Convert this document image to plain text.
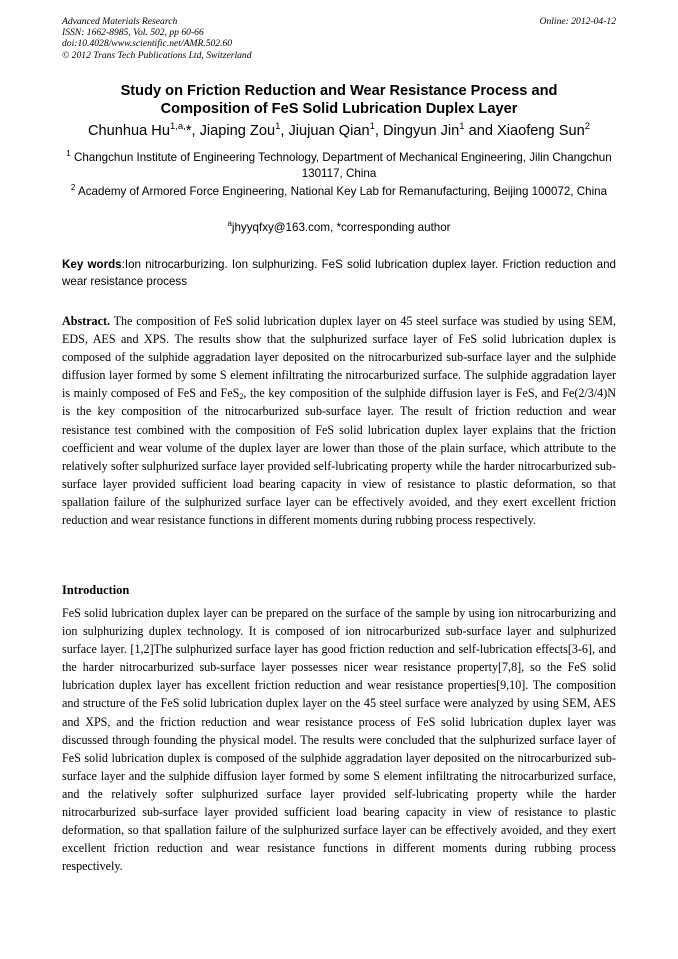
Advanced Materials Research
ISSN: 1662-8985, Vol. 502, pp 60-66
doi:10.4028/www.scientific.net/AMR.502.60
© 2012 Trans Tech Publications Ltd, Switzerland
Online: 2012-04-12
Study on Friction Reduction and Wear Resistance Process and
Composition of FeS Solid Lubrication Duplex Layer
Chunhua $Hu^{1,a,}*$, Jiaping Zou$^1$, Jiujuan Qian$^1$, Dingyun Jin$^1$ and Xiaofeng Sun$^2$
$^1$ Changchun Institute of Engineering Technology, Department of Mechanical Engineering, Jilin Changchun 130117, China
$^2$ Academy of Armored Force Engineering, National Key Lab for Remanufacturing, Beijing 100072, China
$^a$jhyyqfxy@163.com, *corresponding author
Key words:Ion nitrocarburizing. Ion sulphurizing. FeS solid lubrication duplex layer. Friction reduction and wear resistance process
Abstract. The composition of FeS solid lubrication duplex layer on 45 steel surface was studied by using SEM, EDS, AES and XPS. The results show that the sulphurized surface layer of FeS solid lubrication duplex is composed of the sulphide aggradation layer deposited on the nitrocarburized sub-surface layer and the sulphide diffusion layer formed by some S element infiltrating the nitrocarburized surface. The sulphide aggradation layer is mainly composed of FeS and FeS$_2$, the key composition of the sulphide diffusion layer is FeS, and Fe(2/3/4)N is the key composition of the nitrocarburized sub-surface layer. The result of friction reduction and wear resistance test combined with the composition of FeS solid lubrication duplex layer explains that the friction coefficient and wear volume of the duplex layer are lower than those of the plain surface, which attribute to the relatively softer sulphurized surface layer provided self-lubricating property while the harder nitrocarburized sub-surface layer provided sufficient load bearing capacity in view of resistance to plastic deformation, so that spallation failure of the sulphurized surface layer can be effectively avoided, and they exert excellent friction reduction and wear resistance functions in different moments during rubbing process respectively.
Introduction
FeS solid lubrication duplex layer can be prepared on the surface of the sample by using ion nitrocarburizing and ion sulphurizing duplex technology. It is composed of ion nitrocarburized sub-surface layer and sulphurized surface layer. [1,2]The sulphurized surface layer has good friction reduction and self-lubrication effects[3-6], and the harder nitrocarburized sub-surface layer possesses nicer wear resistance property[7,8], so the FeS solid lubrication duplex layer has excellent friction reduction and wear resistance properties[9,10]. The composition and structure of the FeS solid lubrication duplex layer on the 45 steel surface were analyzed by using SEM, AES and XPS, and the friction reduction and wear resistance process of FeS solid lubrication duplex layer was discussed through founding the physical model. The results were concluded that the sulphurized surface layer of FeS solid lubrication duplex is composed of the sulphide aggradation layer deposited on the nitrocarburized sub-surface layer and the sulphide diffusion layer formed by some S element infiltrating the nitrocarburized surface, and the relatively softer sulphurized surface layer provided self-lubricating property while the harder nitrocarburized sub-surface layer provided sufficient load bearing capacity in view of resistance to plastic deformation, so that spallation failure of the sulphurized surface layer can be effectively avoided, and they exert excellent friction reduction and wear resistance functions in different moments during rubbing process respectively.
